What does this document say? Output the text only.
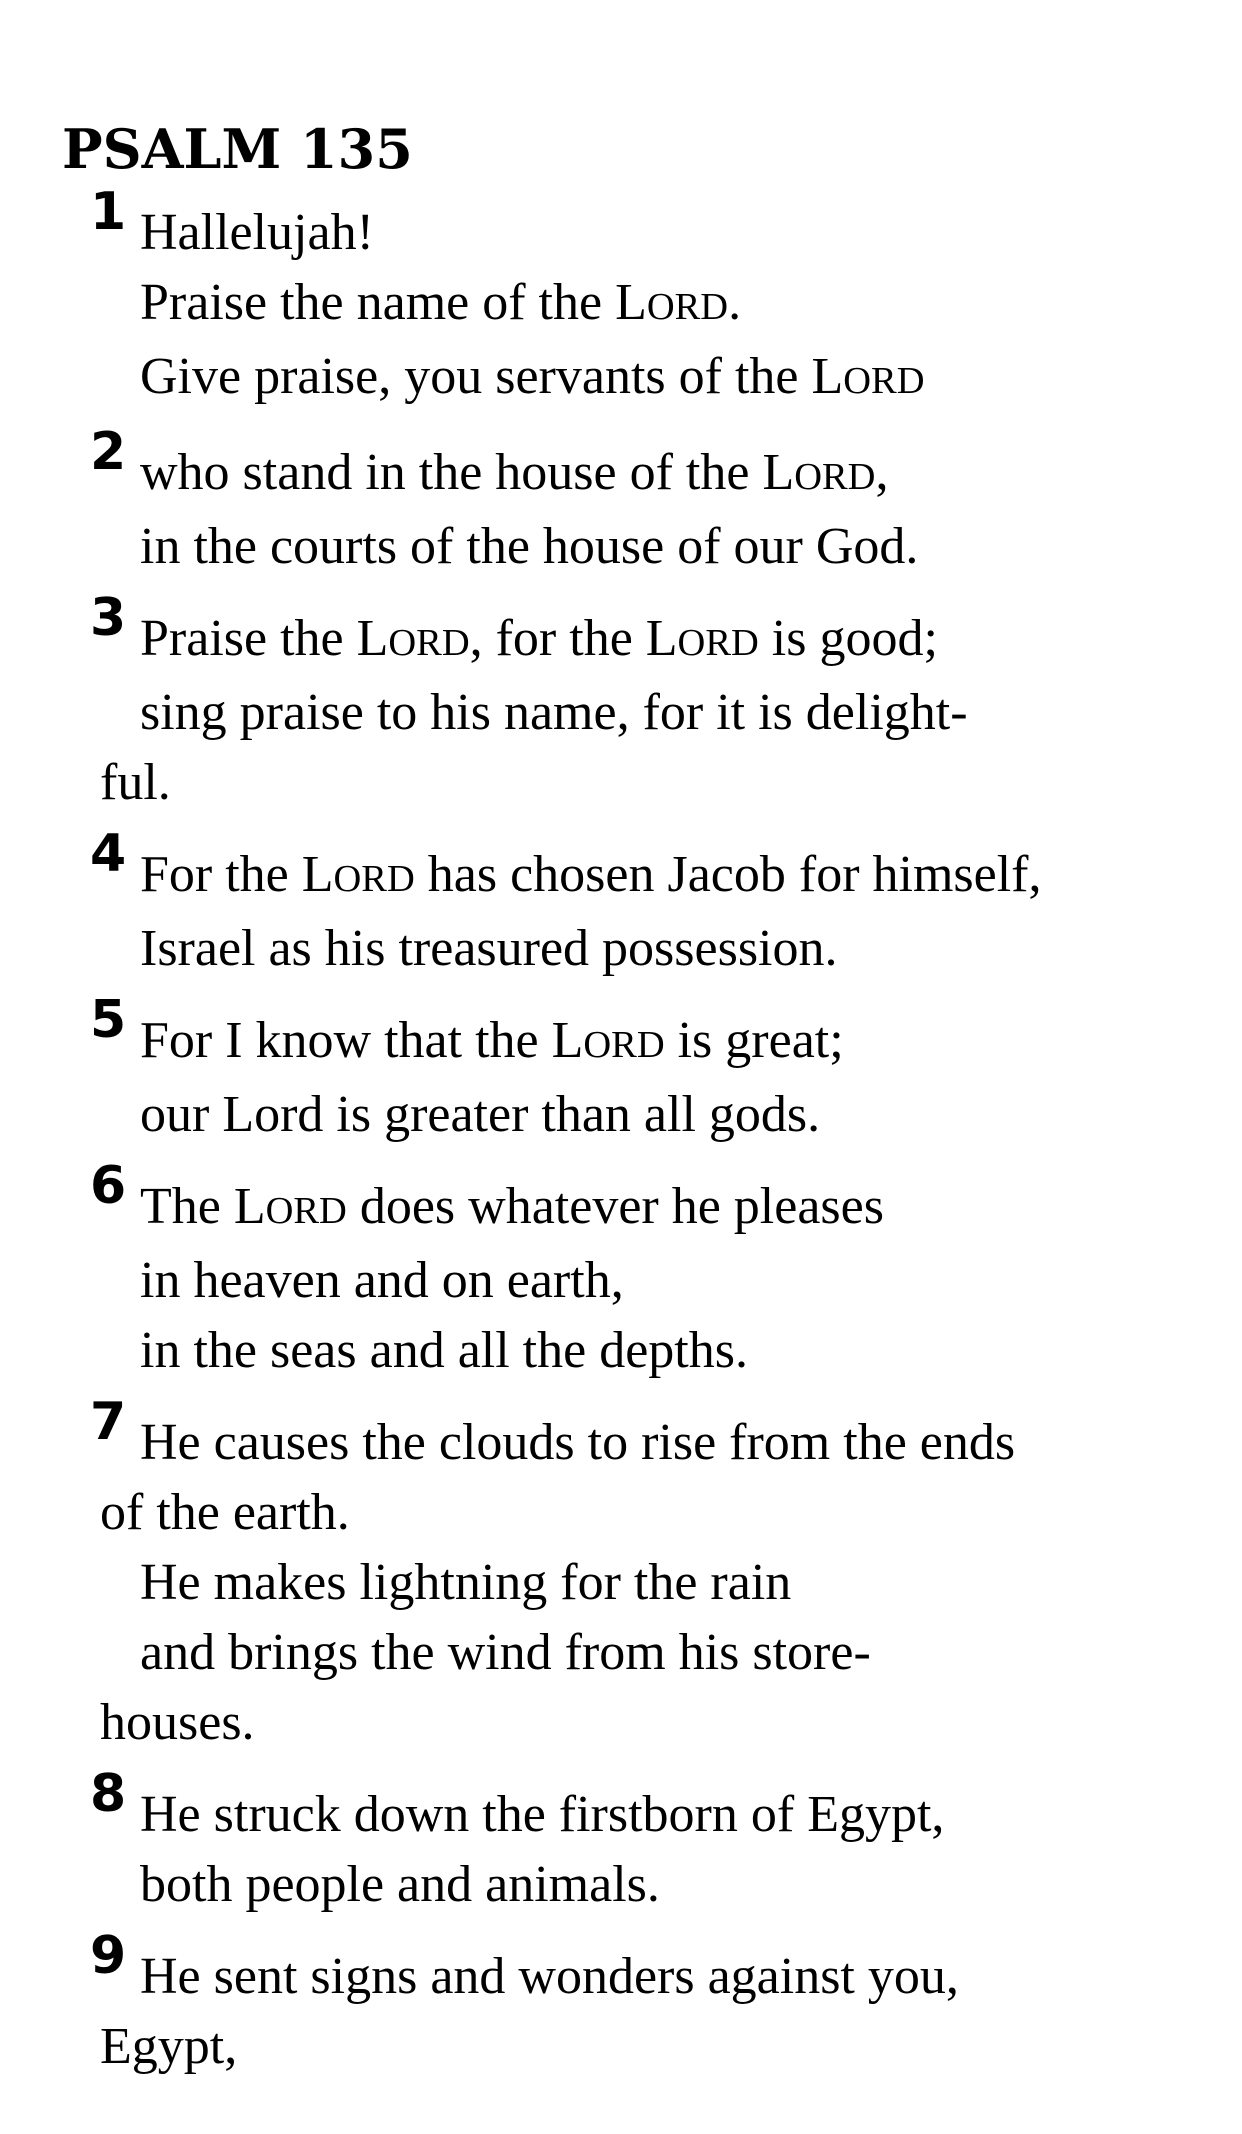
PSALM 135
1 Hallelujah!
Praise the name of the LORD.
Give praise, you servants of the LORD
2 who stand in the house of the LORD,
in the courts of the house of our God.
3 Praise the LORD, for the LORD is good;
sing praise to his name, for it is delight-
ful.
4 For the LORD has chosen Jacob for himself,
Israel as his treasured possession.
5 For I know that the LORD is great;
our Lord is greater than all gods.
6 The LORD does whatever he pleases
in heaven and on earth,
in the seas and all the depths.
7 He causes the clouds to rise from the ends
of the earth.
He makes lightning for the rain
and brings the wind from his store-
houses.
8 He struck down the firstborn of Egypt,
both people and animals.
9 He sent signs and wonders against you,
Egypt,
